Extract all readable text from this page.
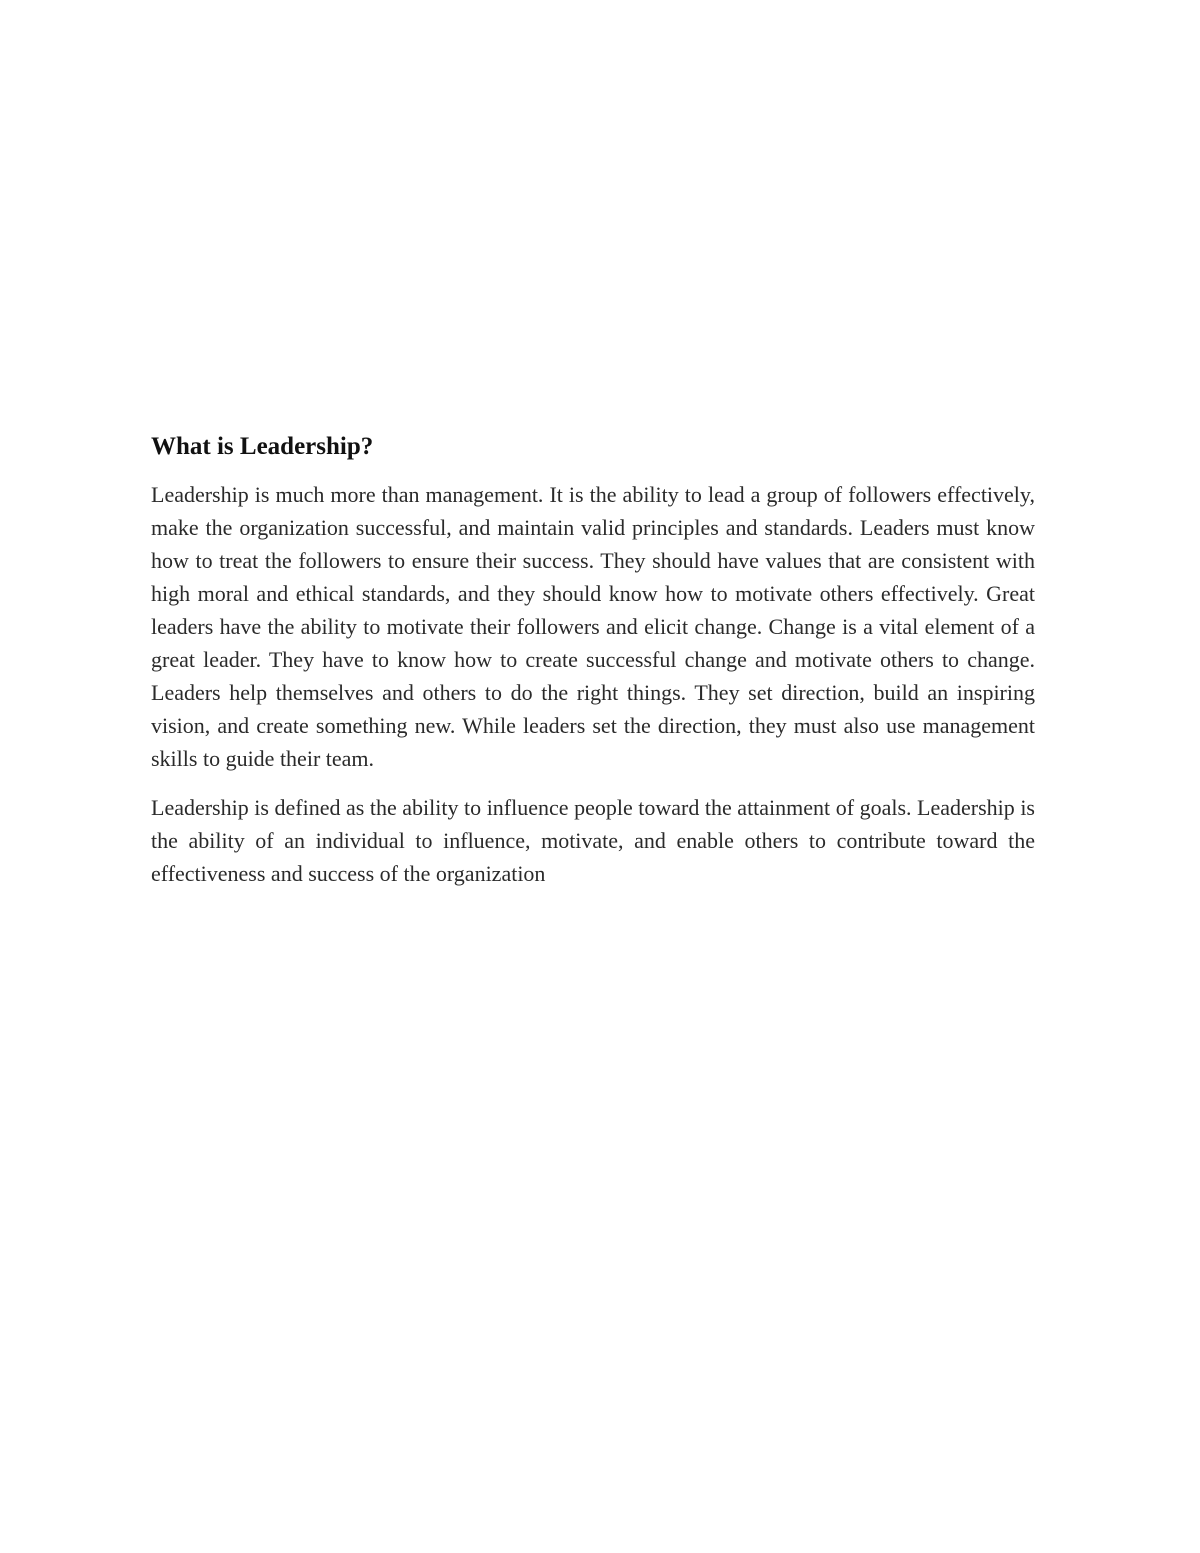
What is Leadership?

Leadership is much more than management. It is the ability to lead a group of followers effectively, make the organization successful, and maintain valid principles and standards. Leaders must know how to treat the followers to ensure their success. They should have values that are consistent with high moral and ethical standards, and they should know how to motivate others effectively. Great leaders have the ability to motivate their followers and elicit change. Change is a vital element of a great leader. They have to know how to create successful change and motivate others to change. Leaders help themselves and others to do the right things. They set direction, build an inspiring vision, and create something new. While leaders set the direction, they must also use management skills to guide their team.

Leadership is defined as the ability to influence people toward the attainment of goals. Leadership is the ability of an individual to influence, motivate, and enable others to contribute toward the effectiveness and success of the organization
